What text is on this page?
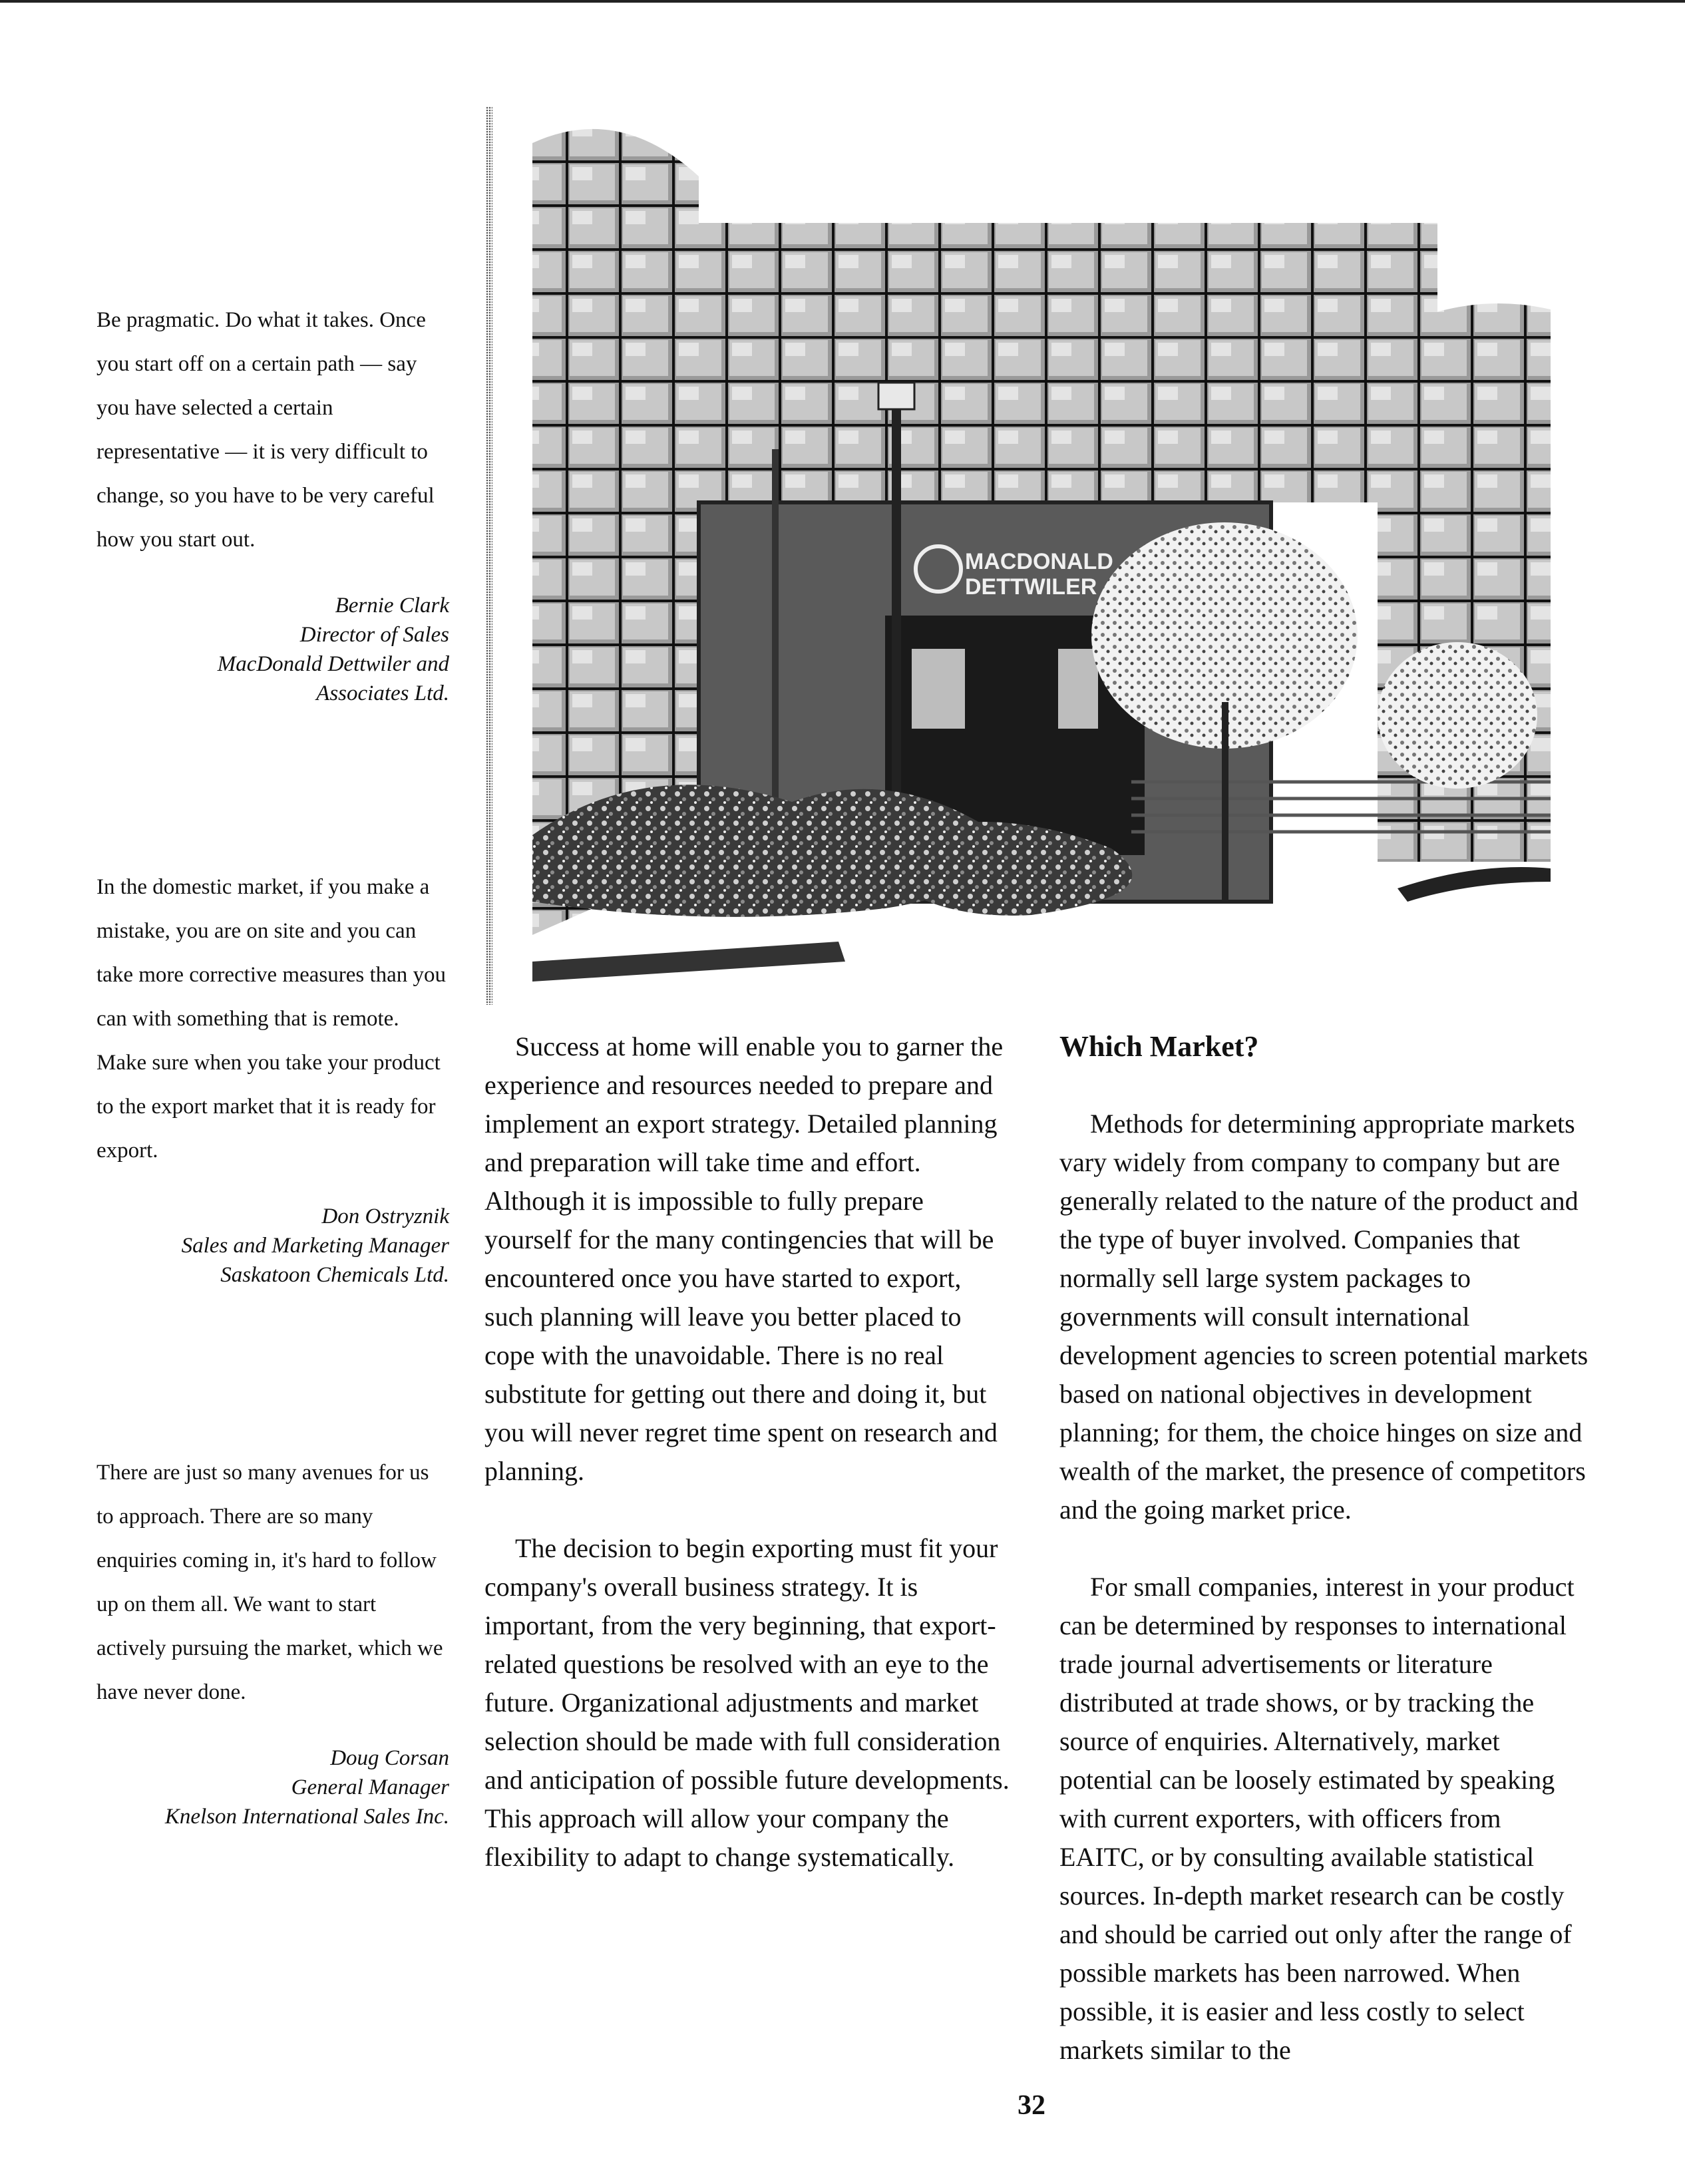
Be pragmatic. Do what it takes. Once you start off on a certain path — say you have selected a certain representative — it is very difficult to change, so you have to be very careful how you start out.

Bernie Clark
Director of Sales
MacDonald Dettwiler and
Associates Ltd.

In the domestic market, if you make a mistake, you are on site and you can take more corrective measures than you can with something that is remote. Make sure when you take your product to the export market that it is ready for export.

Don Ostryznik
Sales and Marketing Manager
Saskatoon Chemicals Ltd.

There are just so many avenues for us to approach. There are so many enquiries coming in, it's hard to follow up on them all. We want to start actively pursuing the market, which we have never done.

Doug Corsan
General Manager
Knelson International Sales Inc.
MACDONALD
DETTWILER

Success at home will enable you to garner the experience and resources needed to prepare and implement an export strategy. Detailed planning and preparation will take time and effort. Although it is impossible to fully prepare yourself for the many contingencies that will be encountered once you have started to export, such planning will leave you better placed to cope with the unavoidable. There is no real substitute for getting out there and doing it, but you will never regret time spent on research and planning.

The decision to begin exporting must fit your company's overall business strategy. It is important, from the very beginning, that export-related questions be resolved with an eye to the future. Organizational adjustments and market selection should be made with full consideration and anticipation of possible future developments. This approach will allow your company the flexibility to adapt to change systematically.

Which Market?

Methods for determining appropriate markets vary widely from company to company but are generally related to the nature of the product and the type of buyer involved. Companies that normally sell large system packages to governments will consult international development agencies to screen potential markets based on national objectives in development planning; for them, the choice hinges on size and wealth of the market, the presence of competitors and the going market price.

For small companies, interest in your product can be determined by responses to international trade journal advertisements or literature distributed at trade shows, or by tracking the source of enquiries. Alternatively, market potential can be loosely estimated by speaking with current exporters, with officers from EAITC, or by consulting available statistical sources. In-depth market research can be costly and should be carried out only after the range of possible markets has been narrowed. When possible, it is easier and less costly to select markets similar to the

32
